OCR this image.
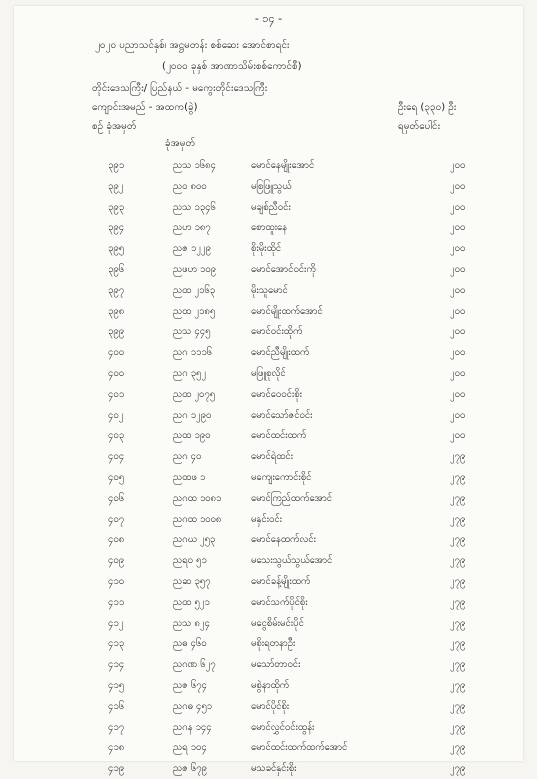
- ၁၄ -
၂၀၂၀ ပညာသင်နှစ်၊ အဋ္ဌမတန်း စစ်ဆေး အောင်စာရင်း
(၂၀၀၀ ခုနှစ် အာဏာသိမ်းစစ်ကောင်စီ)
တိုင်းဒေသကြီး/ ပြည်နယ် - မကွေးတိုင်းဒေသကြီး
ကျောင်းအမည် - အထက(ခွဲ)	ဦးရေ (၃၃၀) ဦး
စဉ် ခုံအမှတ်	ရမှတ်ပေါင်း
ခုံအမှတ်
၃၉၁	ညသ ၁၆၈၄	မောင်နေမျိုးအောင်	၂၀၀
၃၉၂	ညဝ ၈၀၀	မစြဖြူသွယ်	၂၀၀
၃၉၃	ညသ ၁၃၄၆	မချစ်ညီဝင်း	၂၀၀
၃၉၄	ညဟ ၁၈၇	စောထူးနေ	၂၀၀
၃၉၅	ညဇ ၁၂၂၉	စိုးမိုးထိုင်	၂၀၀
၃၉၆	ညဖဟ ၁၀၉	မောင်အောင်ဝင်းကို	၂၀၀
၃၉၇	ညထ ၂၁၆၃	မိုးသူမောင်	၂၀၀
၃၉၈	ညထ ၂၁၈၅	မောင်မျိုးထက်အောင်	၂၀၀
၃၉၉	ညသ ၄၄၅	မောင်ဝင်းထိုက်	၂၀၀
၄၀၀	ညဂ ၁၁၁၆	မောင်ညီမျိုးထက်	၂၀၀
၄၀၀	ညဂ ၃၅၂	မဖြူစုလိုင်	၂၀၀
၄၀၁	ညထ ၂၀၇၅	မောင်ဝေဝင်းစိုး	၂၀၀
၄၀၂	ညဂ ၁၂၉၀	မောင်သော်ဇင်ဝင်း	၂၀၀
၄၀၃	ညထ ၁၉၀	မောင်ထင်းထက်	၂၀၀
၄၀၄	ညဂ ၄၀	မောင်ရဲထင်း	၂၇၉
၄၀၅	ညထဖ ၁	မကျေးကောင်းစိုင်	၂၇၉
၄၀၆	ညဂထ ၁၀၈၁	မောင်ကြည်ထက်အောင်	၂၇၉
၄၀၇	ညဂထ ၁၀၀၈	မနှင်းဝင်း	၂၇၉
၄၀၈	ညဂဃ ၂၅၃	မောင်နေထက်လင်း	၂၇၉
၄၀၉	ညရ၀ ၅၁	မသေးသွယ်သွယ်အောင်	၂၇၉
၄၁၀	ညဆ ၃၅၇	မောင်ခန့်မျိုးထက်	၂၇၉
၄၁၁	ညထ ၅၂၁	မောင်သက်ပိုင်စိုး	၂၇၉
၄၁၂	ညသ ၈၂၄	မငွေစိမ်းမင်းပိုင်	၂၇၉
၄၁၃	ညဓ ၄၆၀	မစိုးရတနာဦး	၂၇၉
၄၁၄	ညဂဏ ၆၂၇	မသော်တာဝင်း	၂၇၉
၄၁၅	ညဇ ၆၇၄	မစွဲနာထိုက်	၂၇၉
၄၁၆	ညဂဓ ၄၅၁	မောင်ပိုင်စိုး	၂၇၉
၄၁၇	ညဂန ၁၄၄	မောင်လွှင်ဝင်းထွန်း	၂၇၉
၄၁၈	ညရ ၁၀၄	မောင်ထင်းထက်ထက်အောင်	၂၇၉
၄၁၉	ညဇ ၆၇၉	မသခင်နှင်းစိုး	၂၇၉
